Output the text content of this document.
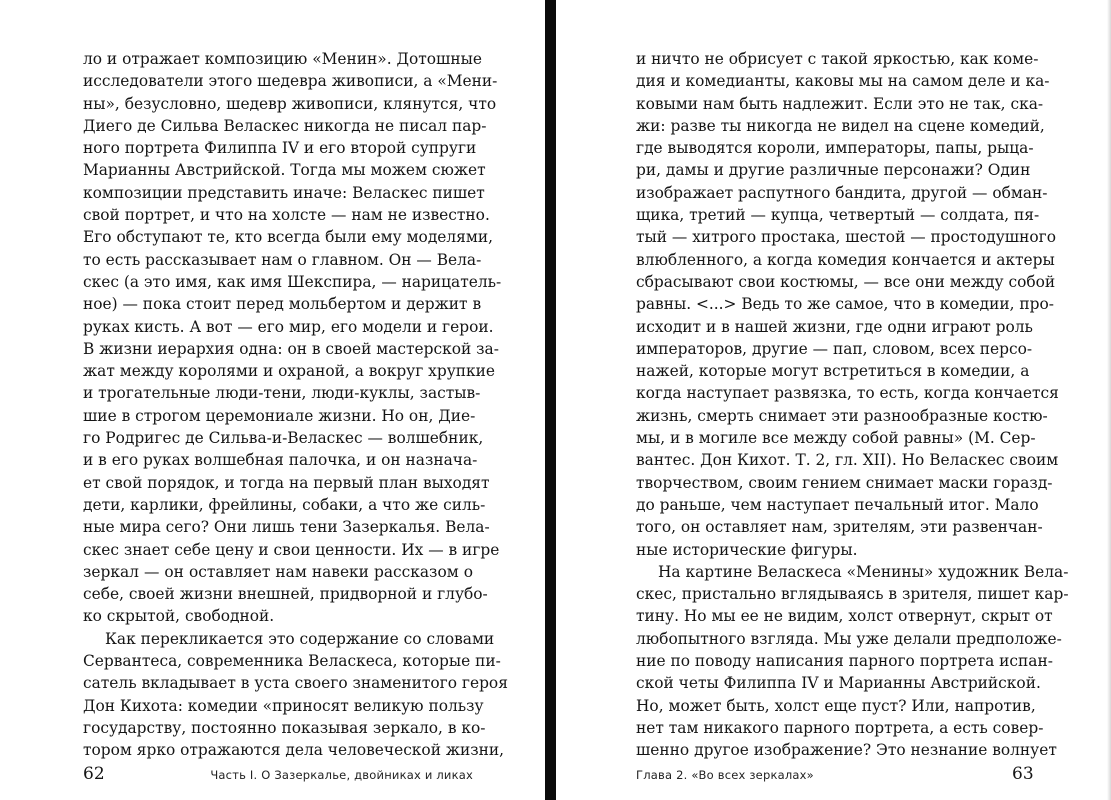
ло и отражает композицию «Менин». Дотошные
исследователи этого шедевра живописи, а «Мени-
ны», безусловно, шедевр живописи, клянутся, что
Диего де Сильва Веласкес никогда не писал пар-
ного портрета Филиппа IV и его второй супруги
Марианны Австрийской. Тогда мы можем сюжет
композиции представить иначе: Веласкес пишет
свой портрет, и что на холсте — нам не известно.
Его обступают те, кто всегда были ему моделями,
то есть рассказывает нам о главном. Он — Вела-
скес (а это имя, как имя Шекспира, — нарицатель-
ное) — пока стоит перед мольбертом и держит в
руках кисть. А вот — его мир, его модели и герои.
В жизни иерархия одна: он в своей мастерской за-
жат между королями и охраной, а вокруг хрупкие
и трогательные люди-тени, люди-куклы, застыв-
шие в строгом церемониале жизни. Но он, Дие-
го Родригес де Сильва-и-Веласкес — волшебник,
и в его руках волшебная палочка, и он назнача-
ет свой порядок, и тогда на первый план выходят
дети, карлики, фрейлины, собаки, а что же силь-
ные мира сего? Они лишь тени Зазеркалья. Вела-
скес знает себе цену и свои ценности. Их — в игре
зеркал — он оставляет нам навеки рассказом о
себе, своей жизни внешней, придворной и глубо-
ко скрытой, свободной.
Как перекликается это содержание со словами
Сервантеса, современника Веласкеса, которые пи-
сатель вкладывает в уста своего знаменитого героя
Дон Кихота: комедии «приносят великую пользу
государству, постоянно показывая зеркало, в ко-
тором ярко отражаются дела человеческой жизни,
62	Часть I. О Зазеркалье, двойниках и ликах
и ничто не обрисует с такой яркостью, как коме-
дия и комедианты, каковы мы на самом деле и ка-
ковыми нам быть надлежит. Если это не так, ска-
жи: разве ты никогда не видел на сцене комедий,
где выводятся короли, императоры, папы, рыца-
ри, дамы и другие различные персонажи? Один
изображает распутного бандита, другой — обман-
щика, третий — купца, четвертый — солдата, пя-
тый — хитрого простака, шестой — простодушного
влюбленного, а когда комедия кончается и актеры
сбрасывают свои костюмы, — все они между собой
равны. <...> Ведь то же самое, что в комедии, про-
исходит и в нашей жизни, где одни играют роль
императоров, другие — пап, словом, всех персо-
нажей, которые могут встретиться в комедии, а
когда наступает развязка, то есть, когда кончается
жизнь, смерть снимает эти разнообразные костю-
мы, и в могиле все между собой равны» (М. Сер-
вантес. Дон Кихот. Т. 2, гл. XII). Но Веласкес своим
творчеством, своим гением снимает маски горазд-
до раньше, чем наступает печальный итог. Мало
того, он оставляет нам, зрителям, эти развенчан-
ные исторические фигуры.
На картине Веласкеса «Менины» художник Вела-
скес, пристально вглядываясь в зрителя, пишет кар-
тину. Но мы ее не видим, холст отвернут, скрыт от
любопытного взгляда. Мы уже делали предположе-
ние по поводу написания парного портрета испан-
ской четы Филиппа IV и Марианны Австрийской.
Но, может быть, холст еще пуст? Или, напротив,
нет там никакого парного портрета, а есть совер-
шенно другое изображение? Это незнание волнует
Глава 2. «Во всех зеркалах»	63
